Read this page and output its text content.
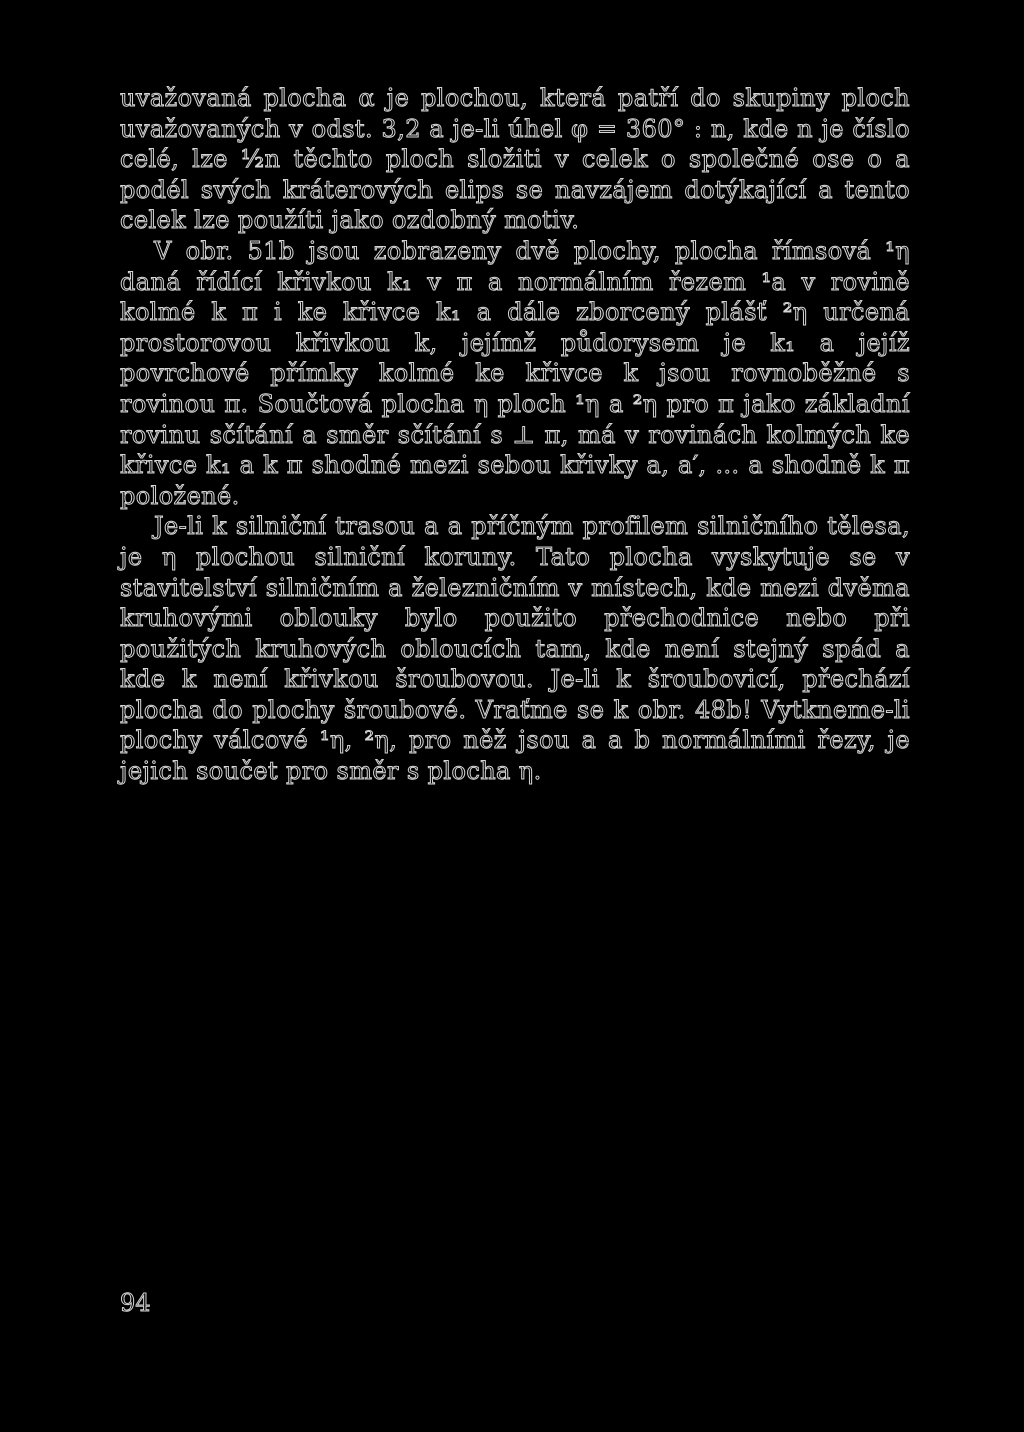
uvažovaná plocha α je plochou, která patří do skupiny ploch uvažovaných v odst. 3,2 a je-li úhel φ = 360° : n, kde n je číslo celé, lze ½n těchto ploch složiti v celek o společné ose o a podél svých kráterových elips se navzájem dotýkající a tento celek lze použíti jako ozdobný motiv.

V obr. 51b jsou zobrazeny dvě plochy, plocha římsová ¹η daná řídící křivkou k₁ v π a normálním řezem ¹a v rovině kolmé k π i ke křivce k₁ a dále zborcený plášť ²η určená prostorovou křivkou k, jejímž půdorysem je k₁ a jejíž povrchové přímky kolmé ke křivce k jsou rovnoběžné s rovinou π. Součtová plocha η ploch ¹η a ²η pro π jako základní rovinu sčítání a směr sčítání s ⊥ π, má v rovinách kolmých ke křivce k₁ a k π shodné mezi sebou křivky a, a′, … a shodně k π položené.

Je-li k silniční trasou a a příčným profilem silničního tělesa, je η plochou silniční koruny. Tato plocha vyskytuje se v stavitelství silničním a železničním v místech, kde mezi dvěma kruhovými oblouky bylo použito přechodnice nebo při použitých kruhových obloucích tam, kde není stejný spád a kde k není křivkou šroubovou. Je-li k šroubovicí, přechází plocha do plochy šroubové. Vraťme se k obr. 48b! Vytkneme-li plochy válcové ¹η, ²η, pro něž jsou a a b normálními řezy, je jejich součet pro směr s plocha η.

94
